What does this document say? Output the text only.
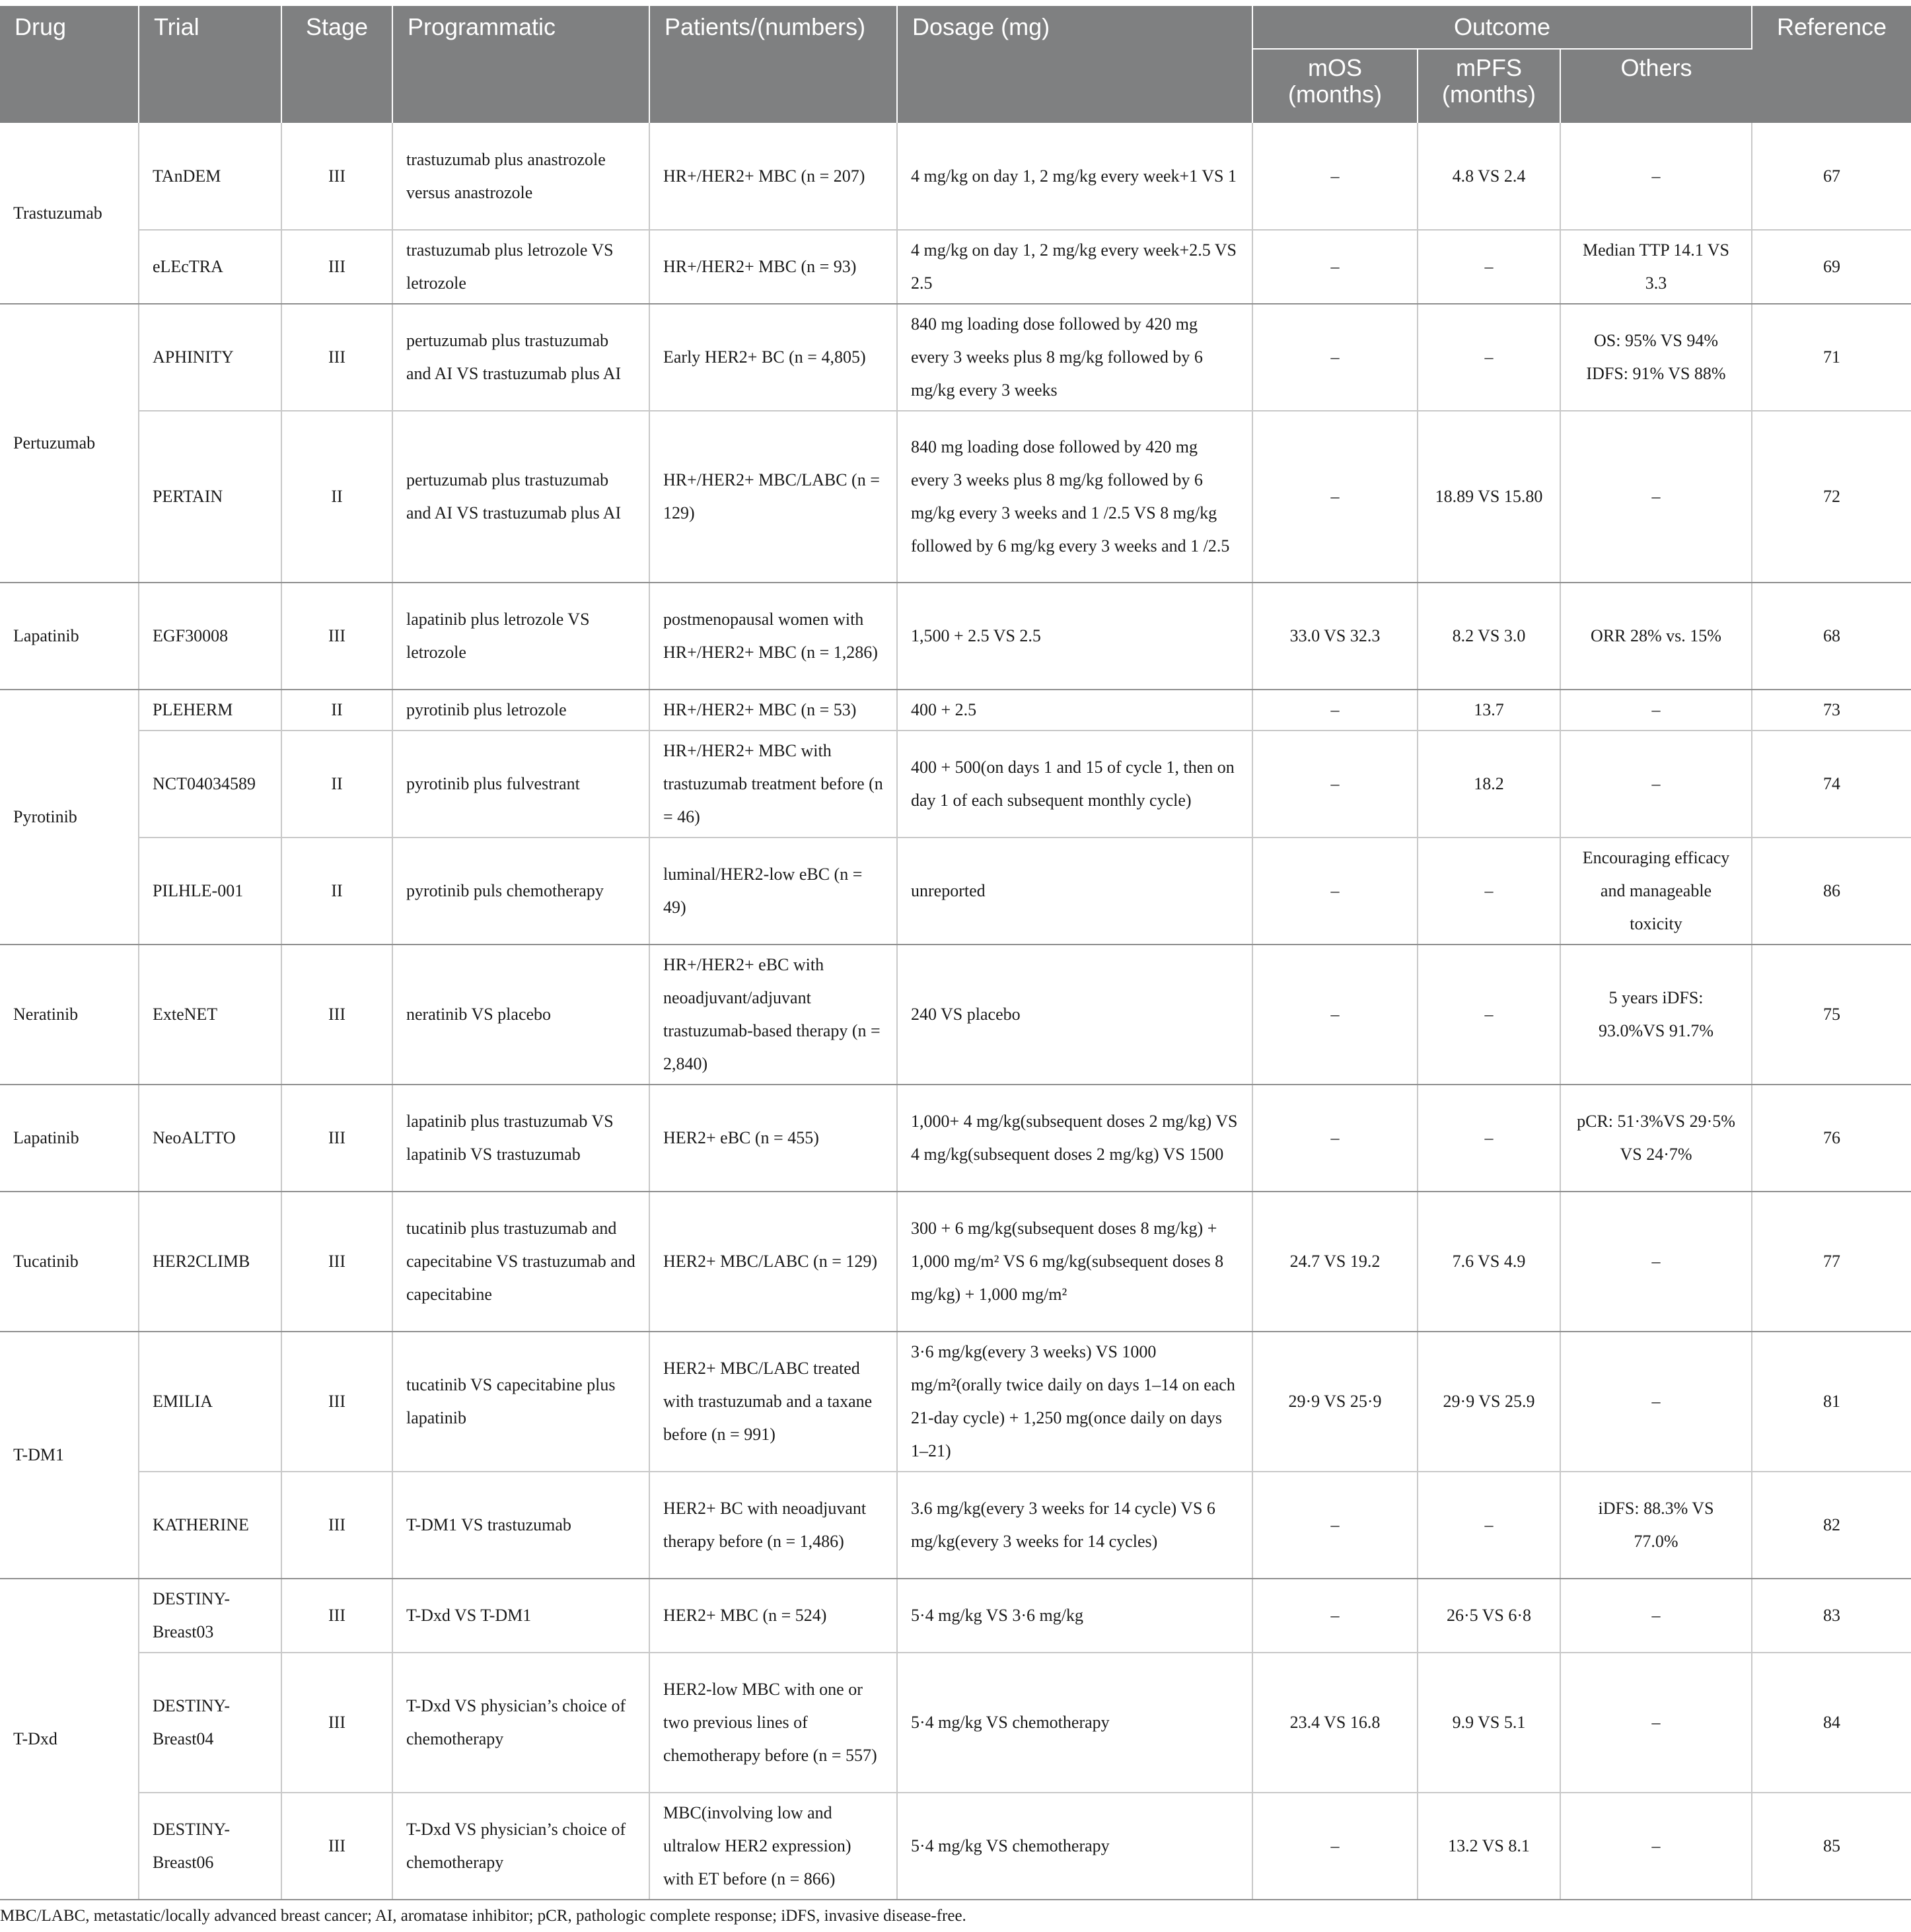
Drug	Trial	Stage	Programmatic	Patients/(numbers)	Dosage (mg)	Outcome			Reference
						mOS (months)	mPFS (months)	Others	
Trastuzumab	TAnDEM	III	trastuzumab plus anastrozole versus anastrozole	HR+/HER2+ MBC (n = 207)	4 mg/kg on day 1, 2 mg/kg every week+1 VS 1	–	4.8 VS 2.4	–	67
	eLEcTRA	III	trastuzumab plus letrozole VS letrozole	HR+/HER2+ MBC (n = 93)	4 mg/kg on day 1, 2 mg/kg every week+2.5 VS 2.5	–	–	Median TTP 14.1 VS 3.3	69
Pertuzumab	APHINITY	III	pertuzumab plus trastuzumab and AI VS trastuzumab plus AI	Early HER2+ BC (n = 4,805)	840 mg loading dose followed by 420 mg every 3 weeks plus 8 mg/kg followed by 6 mg/kg every 3 weeks	–	–	OS: 95% VS 94% IDFS: 91% VS 88%	71
	PERTAIN	II	pertuzumab plus trastuzumab and AI VS trastuzumab plus AI	HR+/HER2+ MBC/LABC (n = 129)	840 mg loading dose followed by 420 mg every 3 weeks plus 8 mg/kg followed by 6 mg/kg every 3 weeks and 1 /2.5 VS 8 mg/kg followed by 6 mg/kg every 3 weeks and 1 /2.5	–	18.89 VS 15.80	–	72
Lapatinib	EGF30008	III	lapatinib plus letrozole VS letrozole	postmenopausal women with HR+/HER2+ MBC (n = 1,286)	1,500 + 2.5 VS 2.5	33.0 VS 32.3	8.2 VS 3.0	ORR 28% vs. 15%	68
Pyrotinib	PLEHERM	II	pyrotinib plus letrozole	HR+/HER2+ MBC (n = 53)	400 + 2.5	–	13.7	–	73
	NCT04034589	II	pyrotinib plus fulvestrant	HR+/HER2+ MBC with trastuzumab treatment before (n = 46)	400 + 500(on days 1 and 15 of cycle 1, then on day 1 of each subsequent monthly cycle)	–	18.2	–	74
	PILHLE-001	II	pyrotinib puls chemotherapy	luminal/HER2-low eBC (n = 49)	unreported	–	–	Encouraging efficacy and manageable toxicity	86
Neratinib	ExteNET	III	neratinib VS placebo	HR+/HER2+ eBC with neoadjuvant/adjuvant trastuzumab-based therapy (n = 2,840)	240 VS placebo	–	–	5 years iDFS: 93.0%VS 91.7%	75
Lapatinib	NeoALTTO	III	lapatinib plus trastuzumab VS lapatinib VS trastuzumab	HER2+ eBC (n = 455)	1,000+ 4 mg/kg(subsequent doses 2 mg/kg) VS 4 mg/kg(subsequent doses 2 mg/kg) VS 1500	–	–	pCR: 51·3%VS 29·5% VS 24·7%	76
Tucatinib	HER2CLIMB	III	tucatinib plus trastuzumab and capecitabine VS trastuzumab and capecitabine	HER2+ MBC/LABC (n = 129)	300 + 6 mg/kg(subsequent doses 8 mg/kg) + 1,000 mg/m² VS 6 mg/kg(subsequent doses 8 mg/kg) + 1,000 mg/m²	24.7 VS 19.2	7.6 VS 4.9	–	77
T-DM1	EMILIA	III	tucatinib VS capecitabine plus lapatinib	HER2+ MBC/LABC treated with trastuzumab and a taxane before (n = 991)	3·6 mg/kg(every 3 weeks) VS 1000 mg/m²(orally twice daily on days 1–14 on each 21-day cycle) + 1,250 mg(once daily on days 1–21)	29·9 VS 25·9	29·9 VS 25.9	–	81
	KATHERINE	III	T-DM1 VS trastuzumab	HER2+ BC with neoadjuvant therapy before (n = 1,486)	3.6 mg/kg(every 3 weeks for 14 cycle) VS 6 mg/kg(every 3 weeks for 14 cycles)	–	–	iDFS: 88.3% VS 77.0%	82
T-Dxd	DESTINY-Breast03	III	T-Dxd VS T-DM1	HER2+ MBC (n = 524)	5·4 mg/kg VS 3·6 mg/kg	–	26·5 VS 6·8	–	83
	DESTINY-Breast04	III	T-Dxd VS physician’s choice of chemotherapy	HER2-low MBC with one or two previous lines of chemotherapy before (n = 557)	5·4 mg/kg VS chemotherapy	23.4 VS 16.8	9.9 VS 5.1	–	84
	DESTINY-Breast06	III	T-Dxd VS physician’s choice of chemotherapy	MBC(involving low and ultralow HER2 expression) with ET before (n = 866)	5·4 mg/kg VS chemotherapy	–	13.2 VS 8.1	–	85
MBC/LABC, metastatic/locally advanced breast cancer; AI, aromatase inhibitor; pCR, pathologic complete response; iDFS, invasive disease-free.
